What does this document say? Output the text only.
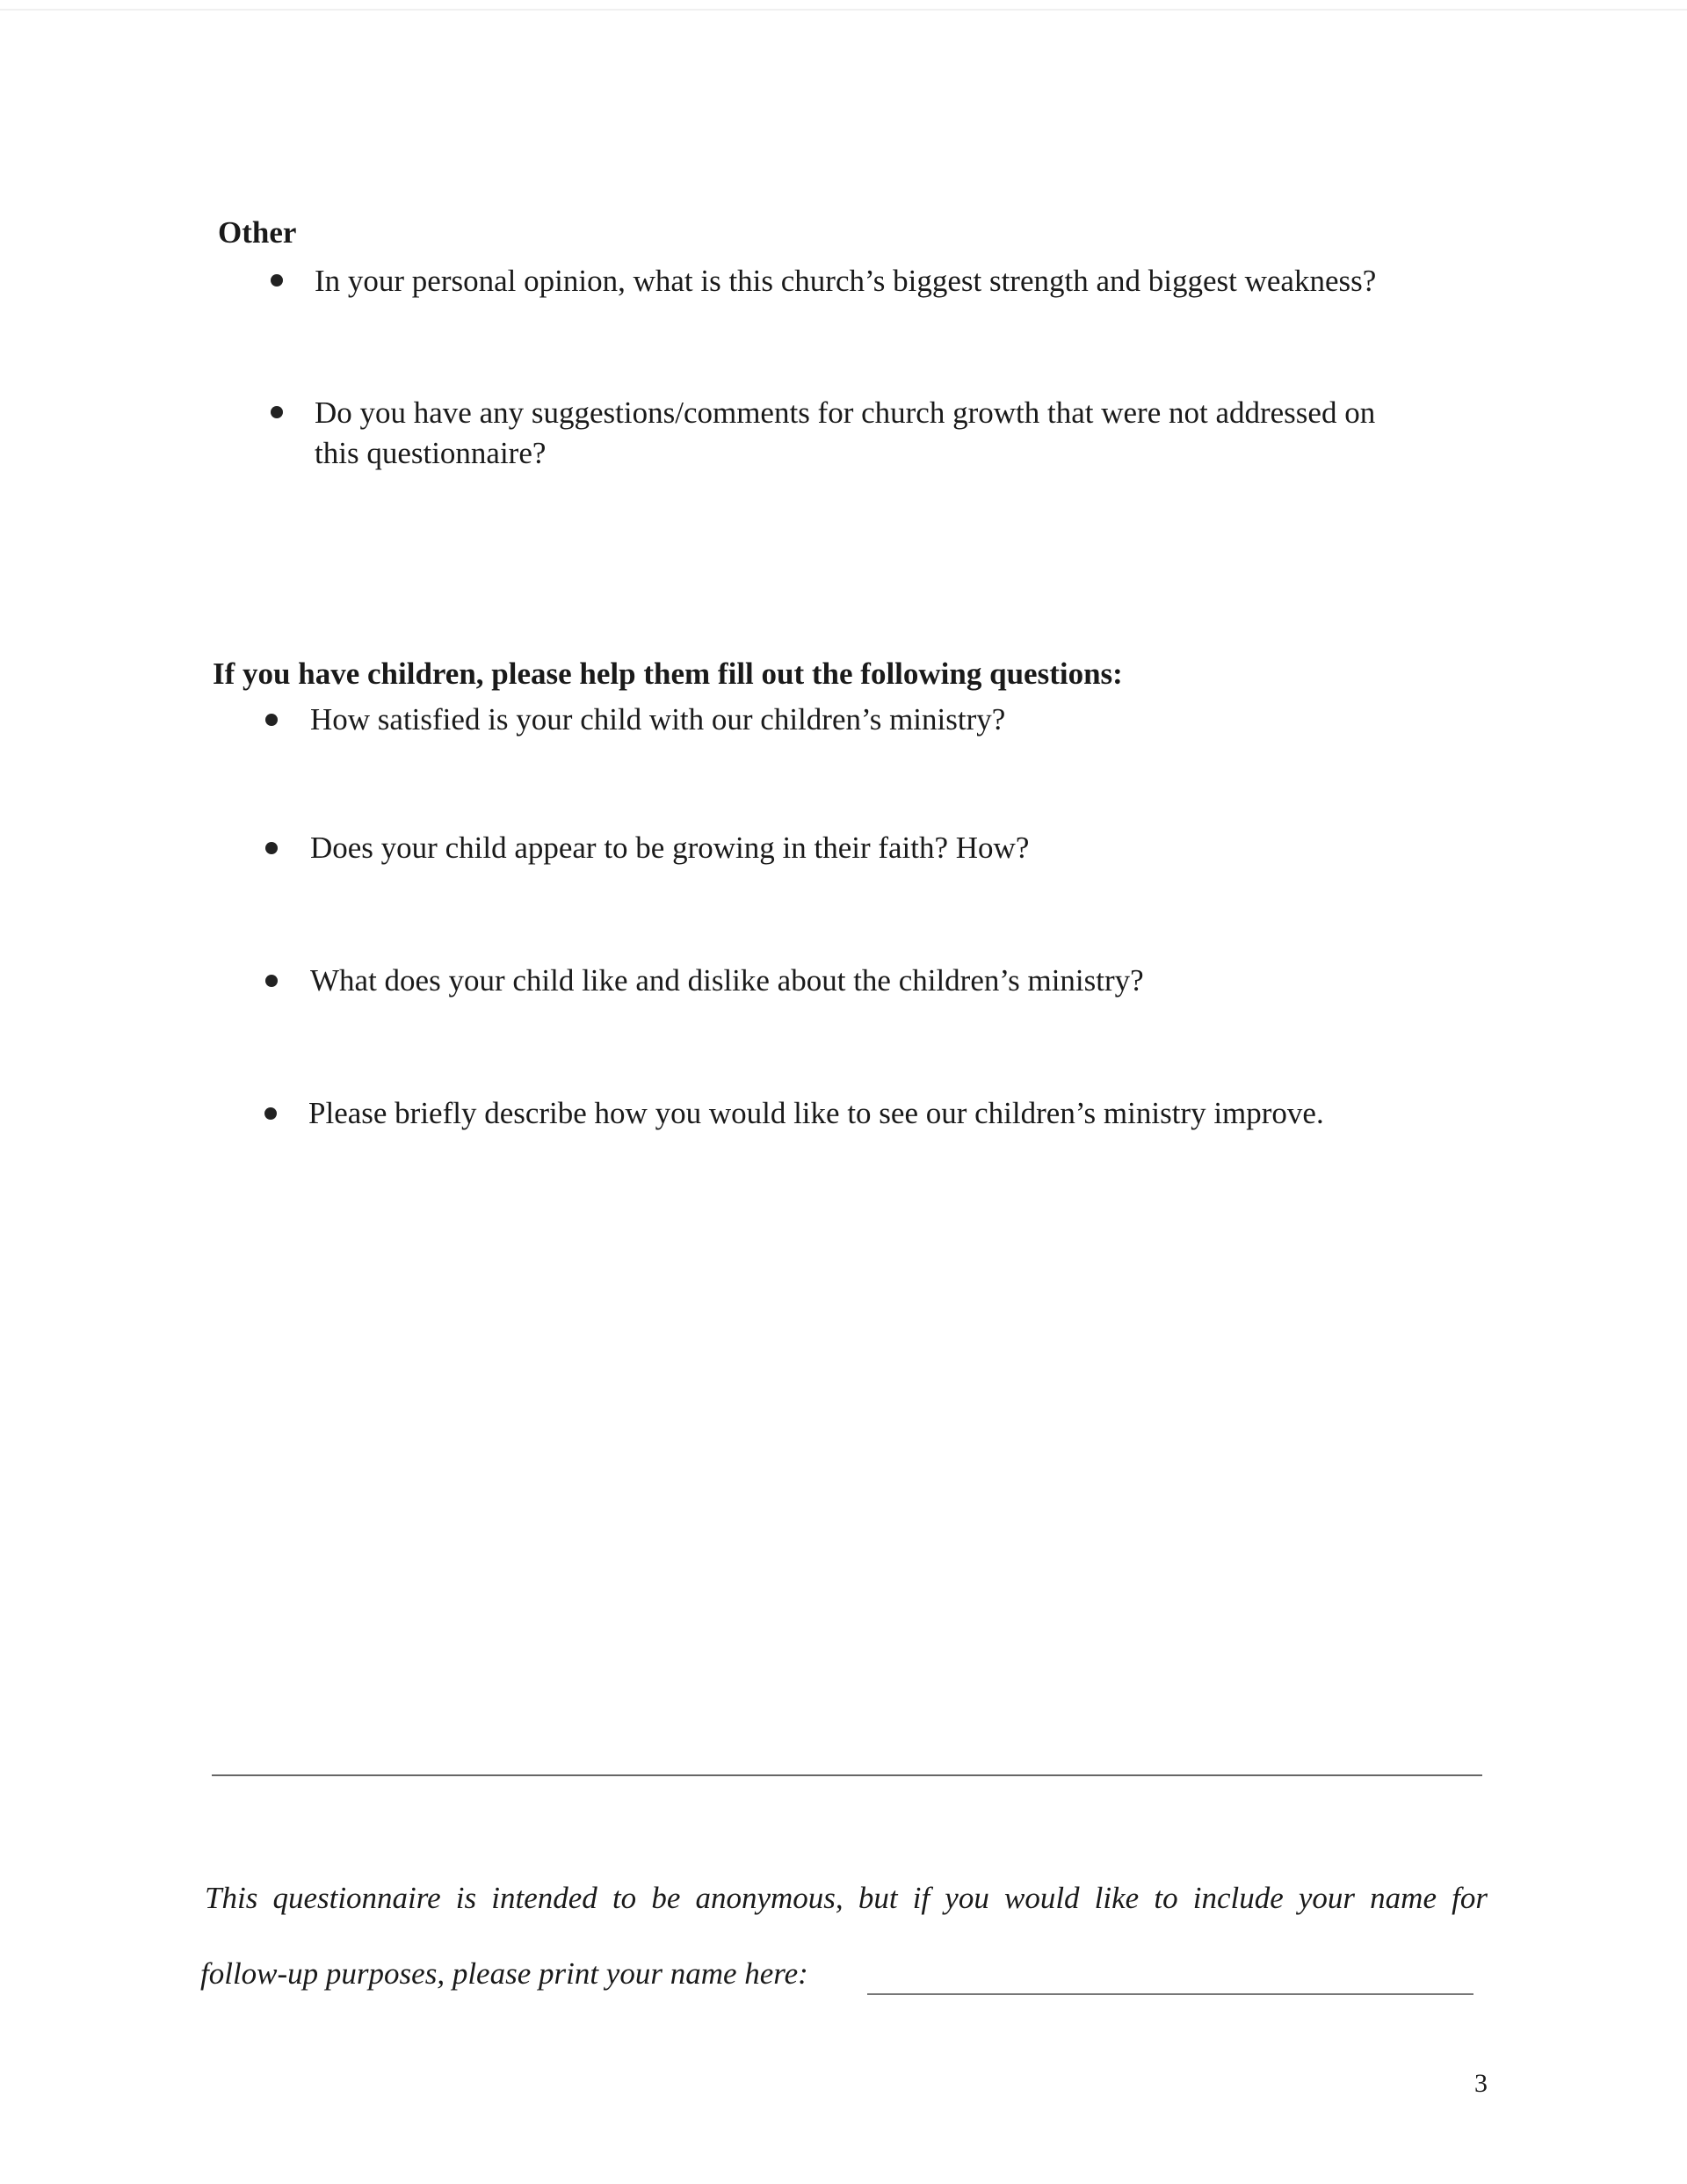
Other
In your personal opinion, what is this church’s biggest strength and biggest weakness?
Do you have any suggestions/comments for church growth that were not addressed on
this questionnaire?
If you have children, please help them fill out the following questions:
How satisfied is your child with our children’s ministry?
Does your child appear to be growing in their faith? How?
What does your child like and dislike about the children’s ministry?
Please briefly describe how you would like to see our children’s ministry improve.
This questionnaire is intended to be anonymous, but if you would like to include your name for
follow-up purposes, please print your name here:
3
